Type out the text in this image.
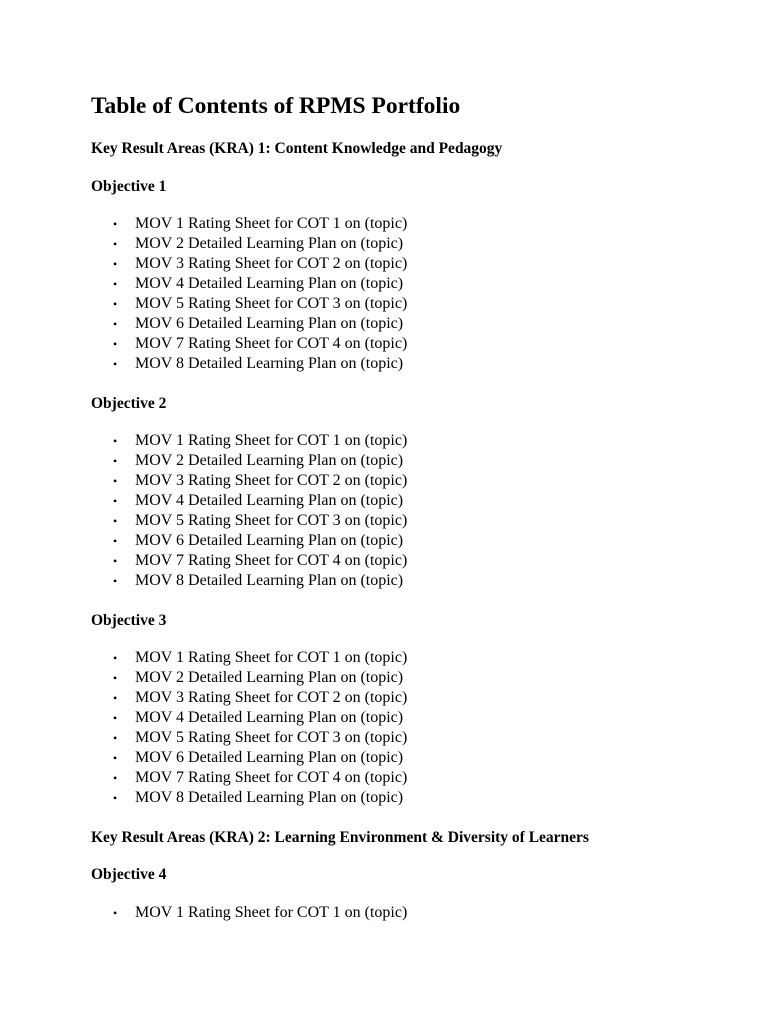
Table of Contents of RPMS Portfolio
Key Result Areas (KRA) 1: Content Knowledge and Pedagogy
Objective 1
• MOV 1 Rating Sheet for COT 1 on (topic)
• MOV 2 Detailed Learning Plan on (topic)
• MOV 3 Rating Sheet for COT 2 on (topic)
• MOV 4 Detailed Learning Plan on (topic)
• MOV 5 Rating Sheet for COT 3 on (topic)
• MOV 6 Detailed Learning Plan on (topic)
• MOV 7 Rating Sheet for COT 4 on (topic)
• MOV 8 Detailed Learning Plan on (topic)
Objective 2
• MOV 1 Rating Sheet for COT 1 on (topic)
• MOV 2 Detailed Learning Plan on (topic)
• MOV 3 Rating Sheet for COT 2 on (topic)
• MOV 4 Detailed Learning Plan on (topic)
• MOV 5 Rating Sheet for COT 3 on (topic)
• MOV 6 Detailed Learning Plan on (topic)
• MOV 7 Rating Sheet for COT 4 on (topic)
• MOV 8 Detailed Learning Plan on (topic)
Objective 3
• MOV 1 Rating Sheet for COT 1 on (topic)
• MOV 2 Detailed Learning Plan on (topic)
• MOV 3 Rating Sheet for COT 2 on (topic)
• MOV 4 Detailed Learning Plan on (topic)
• MOV 5 Rating Sheet for COT 3 on (topic)
• MOV 6 Detailed Learning Plan on (topic)
• MOV 7 Rating Sheet for COT 4 on (topic)
• MOV 8 Detailed Learning Plan on (topic)
Key Result Areas (KRA) 2: Learning Environment & Diversity of Learners
Objective 4
• MOV 1 Rating Sheet for COT 1 on (topic)
